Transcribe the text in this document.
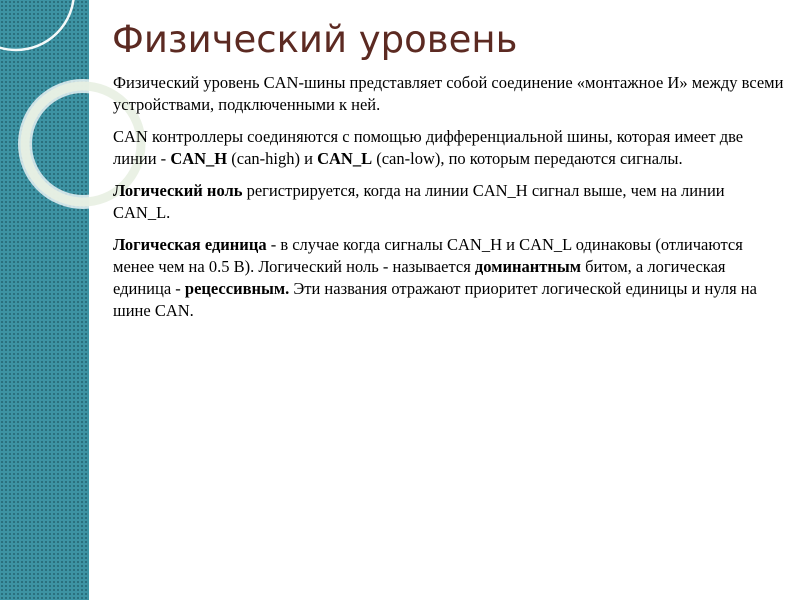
Физический уровень

Физический уровень CAN-шины представляет собой соединение «монтажное И» между всеми устройствами, подключенными к ней.

CAN контроллеры соединяются с помощью дифференциальной шины, которая имеет две линии - CAN_H (can-high) и CAN_L (can-low), по которым передаются сигналы.

Логический ноль регистрируется, когда на линии CAN_H сигнал выше, чем на линии CAN_L.

Логическая единица - в случае когда сигналы CAN_H и CAN_L одинаковы (отличаются менее чем на 0.5 В). Логический ноль - называется доминантным битом, а логическая единица - рецессивным. Эти названия отражают приоритет логической единицы и нуля на шине CAN.
